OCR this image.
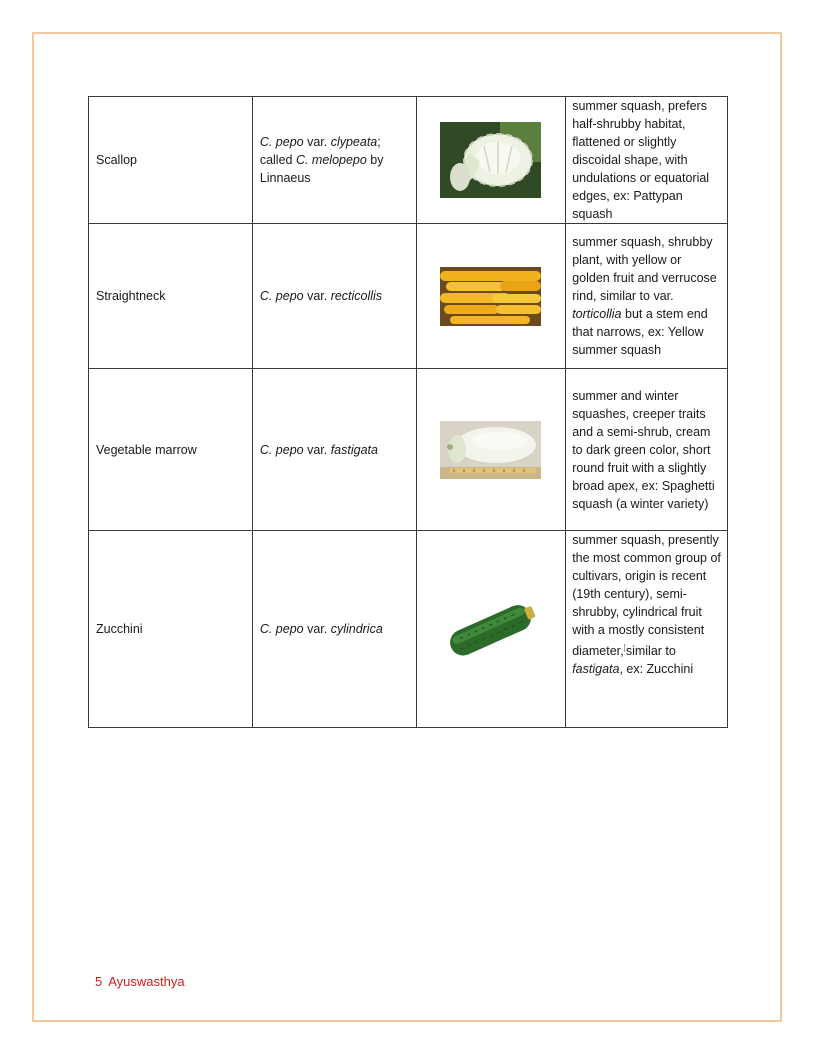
Scallop	C. pepo var. clypeata; called C. melopepo by Linnaeus		summer squash, prefers half-shrubby habitat, flattened or slightly discoidal shape, with undulations or equatorial edges, ex: Pattypan squash
Straightneck	C. pepo var. recticollis		summer squash, shrubby plant, with yellow or golden fruit and verrucose rind, similar to var. torticollia but a stem end that narrows, ex: Yellow summer squash
Vegetable marrow	C. pepo var. fastigata		summer and winter squashes, creeper traits and a semi-shrub, cream to dark green color, short round fruit with a slightly broad apex, ex: Spaghetti squash (a winter variety)
Zucchini	C. pepo var. cylindrica		summer squash, presently the most common group of cultivars, origin is recent (19th century), semi-shrubby, cylindrical fruit with a mostly consistent diameter,[similar to fastigata, ex: Zucchini
5 Ayuswasthya
